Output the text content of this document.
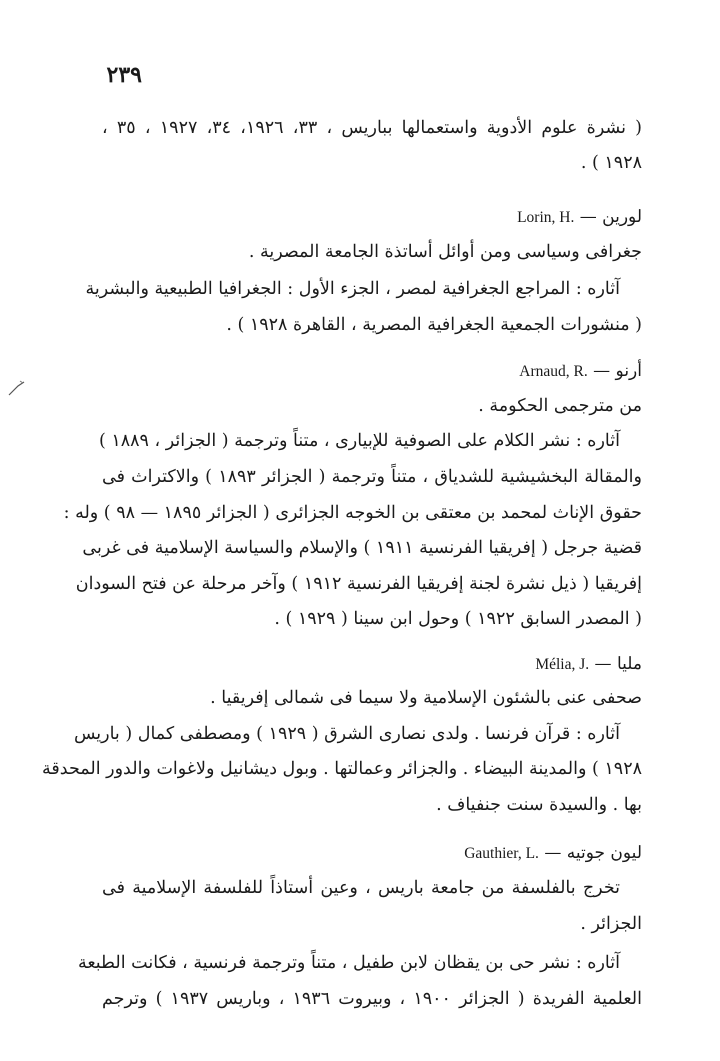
٢٣٩
( نشرة علوم الأدوية واستعمالها بباريس ، ٣٣، ١٩٢٦، ٣٤، ١٩٢٧ ، ٣٥ ،
١٩٢٨ ) .
لورين — Lorin, H.
جغرافى وسياسى ومن أوائل أساتذة الجامعة المصرية .
آثاره : المراجع الجغرافية لمصر ، الجزء الأول : الجغرافيا الطبيعية والبشرية
( منشورات الجمعية الجغرافية المصرية ، القاهرة ١٩٢٨ ) .
أرنو — Arnaud, R.
من مترجمى الحكومة .
آثاره : نشر الكلام على الصوفية للإبيارى ، متناً وترجمة ( الجزائر ، ١٨٨٩ )
والمقالة البخشيشية للشدياق ، متناً وترجمة ( الجزائر ١٨٩٣ ) والاكتراث فى
حقوق الإناث لمحمد بن معتقى بن الخوجه الجزائرى ( الجزائر ١٨٩٥ — ٩٨ ) وله :
قضية جرجل ( إفريقيا الفرنسية ١٩١١ ) والإسلام والسياسة الإسلامية فى غربى
إفريقيا ( ذيل نشرة لجنة إفريقيا الفرنسية ١٩١٢ ) وآخر مرحلة عن فتح السودان
( المصدر السابق ١٩٢٢ ) وحول ابن سينا ( ١٩٢٩ ) .
مليا — Mélia, J.
صحفى عنى بالشئون الإسلامية ولا سيما فى شمالى إفريقيا .
آثاره : قرآن فرنسا . ولدى نصارى الشرق ( ١٩٢٩ ) ومصطفى كمال ( باريس
١٩٢٨ ) والمدينة البيضاء . والجزائر وعمالتها . وبول ديشانيل ولاغوات والدور المحدقة
بها . والسيدة سنت جنفياف .
ليون جوتيه — Gauthier, L.
تخرج بالفلسفة من جامعة باريس ، وعين أستاذاً للفلسفة الإسلامية فى
الجزائر .
آثاره : نشر حى بن يقظان لابن طفيل ، متناً وترجمة فرنسية ، فكانت الطبعة
العلمية الفريدة ( الجزائر ١٩٠٠ ، وبيروت ١٩٣٦ ، وباريس ١٩٣٧ ) وترجم
